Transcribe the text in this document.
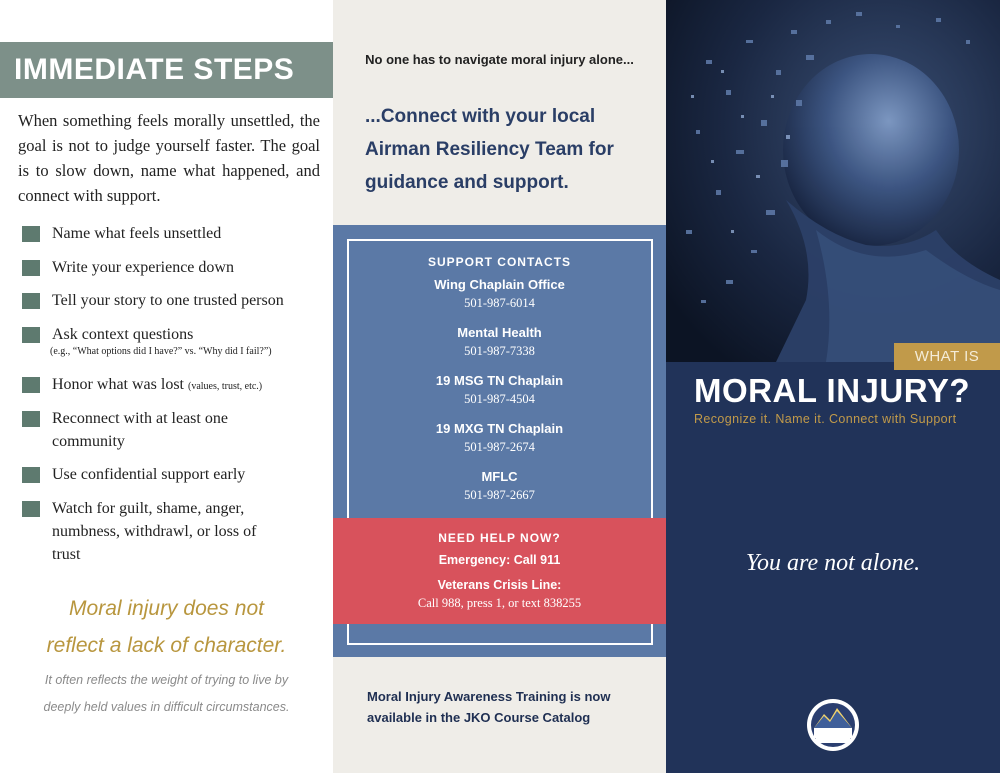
IMMEDIATE STEPS
When something feels morally unsettled, the goal is not to judge yourself faster. The goal is to slow down, name what happened, and connect with support.
Name what feels unsettled
Write your experience down
Tell your story to one trusted person
Ask context questions

(e.g., “What options did I have?” vs. “Why did I fail?”)
Honor what was lost (values, trust, etc.)
Reconnect with at least one community
Use confidential support early
Watch for guilt, shame, anger, numbness, withdrawl, or loss of trust
Moral injury does not
reflect a lack of character.
It often reflects the weight of trying to live by deeply held values in difficult circumstances.
No one has to navigate moral injury alone...
...Connect with your local Airman Resiliency Team for guidance and support.
SUPPORT CONTACTS
Wing Chaplain Office
501-987-6014
Mental Health
501-987-7338
19 MSG TN Chaplain
501-987-4504
19 MXG TN Chaplain
501-987-2674
MFLC
501-987-2667
NEED HELP NOW?
Emergency: Call 911
Veterans Crisis Line:
Call 988, press 1, or text 838255
Moral Injury Awareness Training is now available in the JKO Course Catalog
WHAT IS
MORAL INJURY?
Recognize it. Name it. Connect with Support
You are not alone.
